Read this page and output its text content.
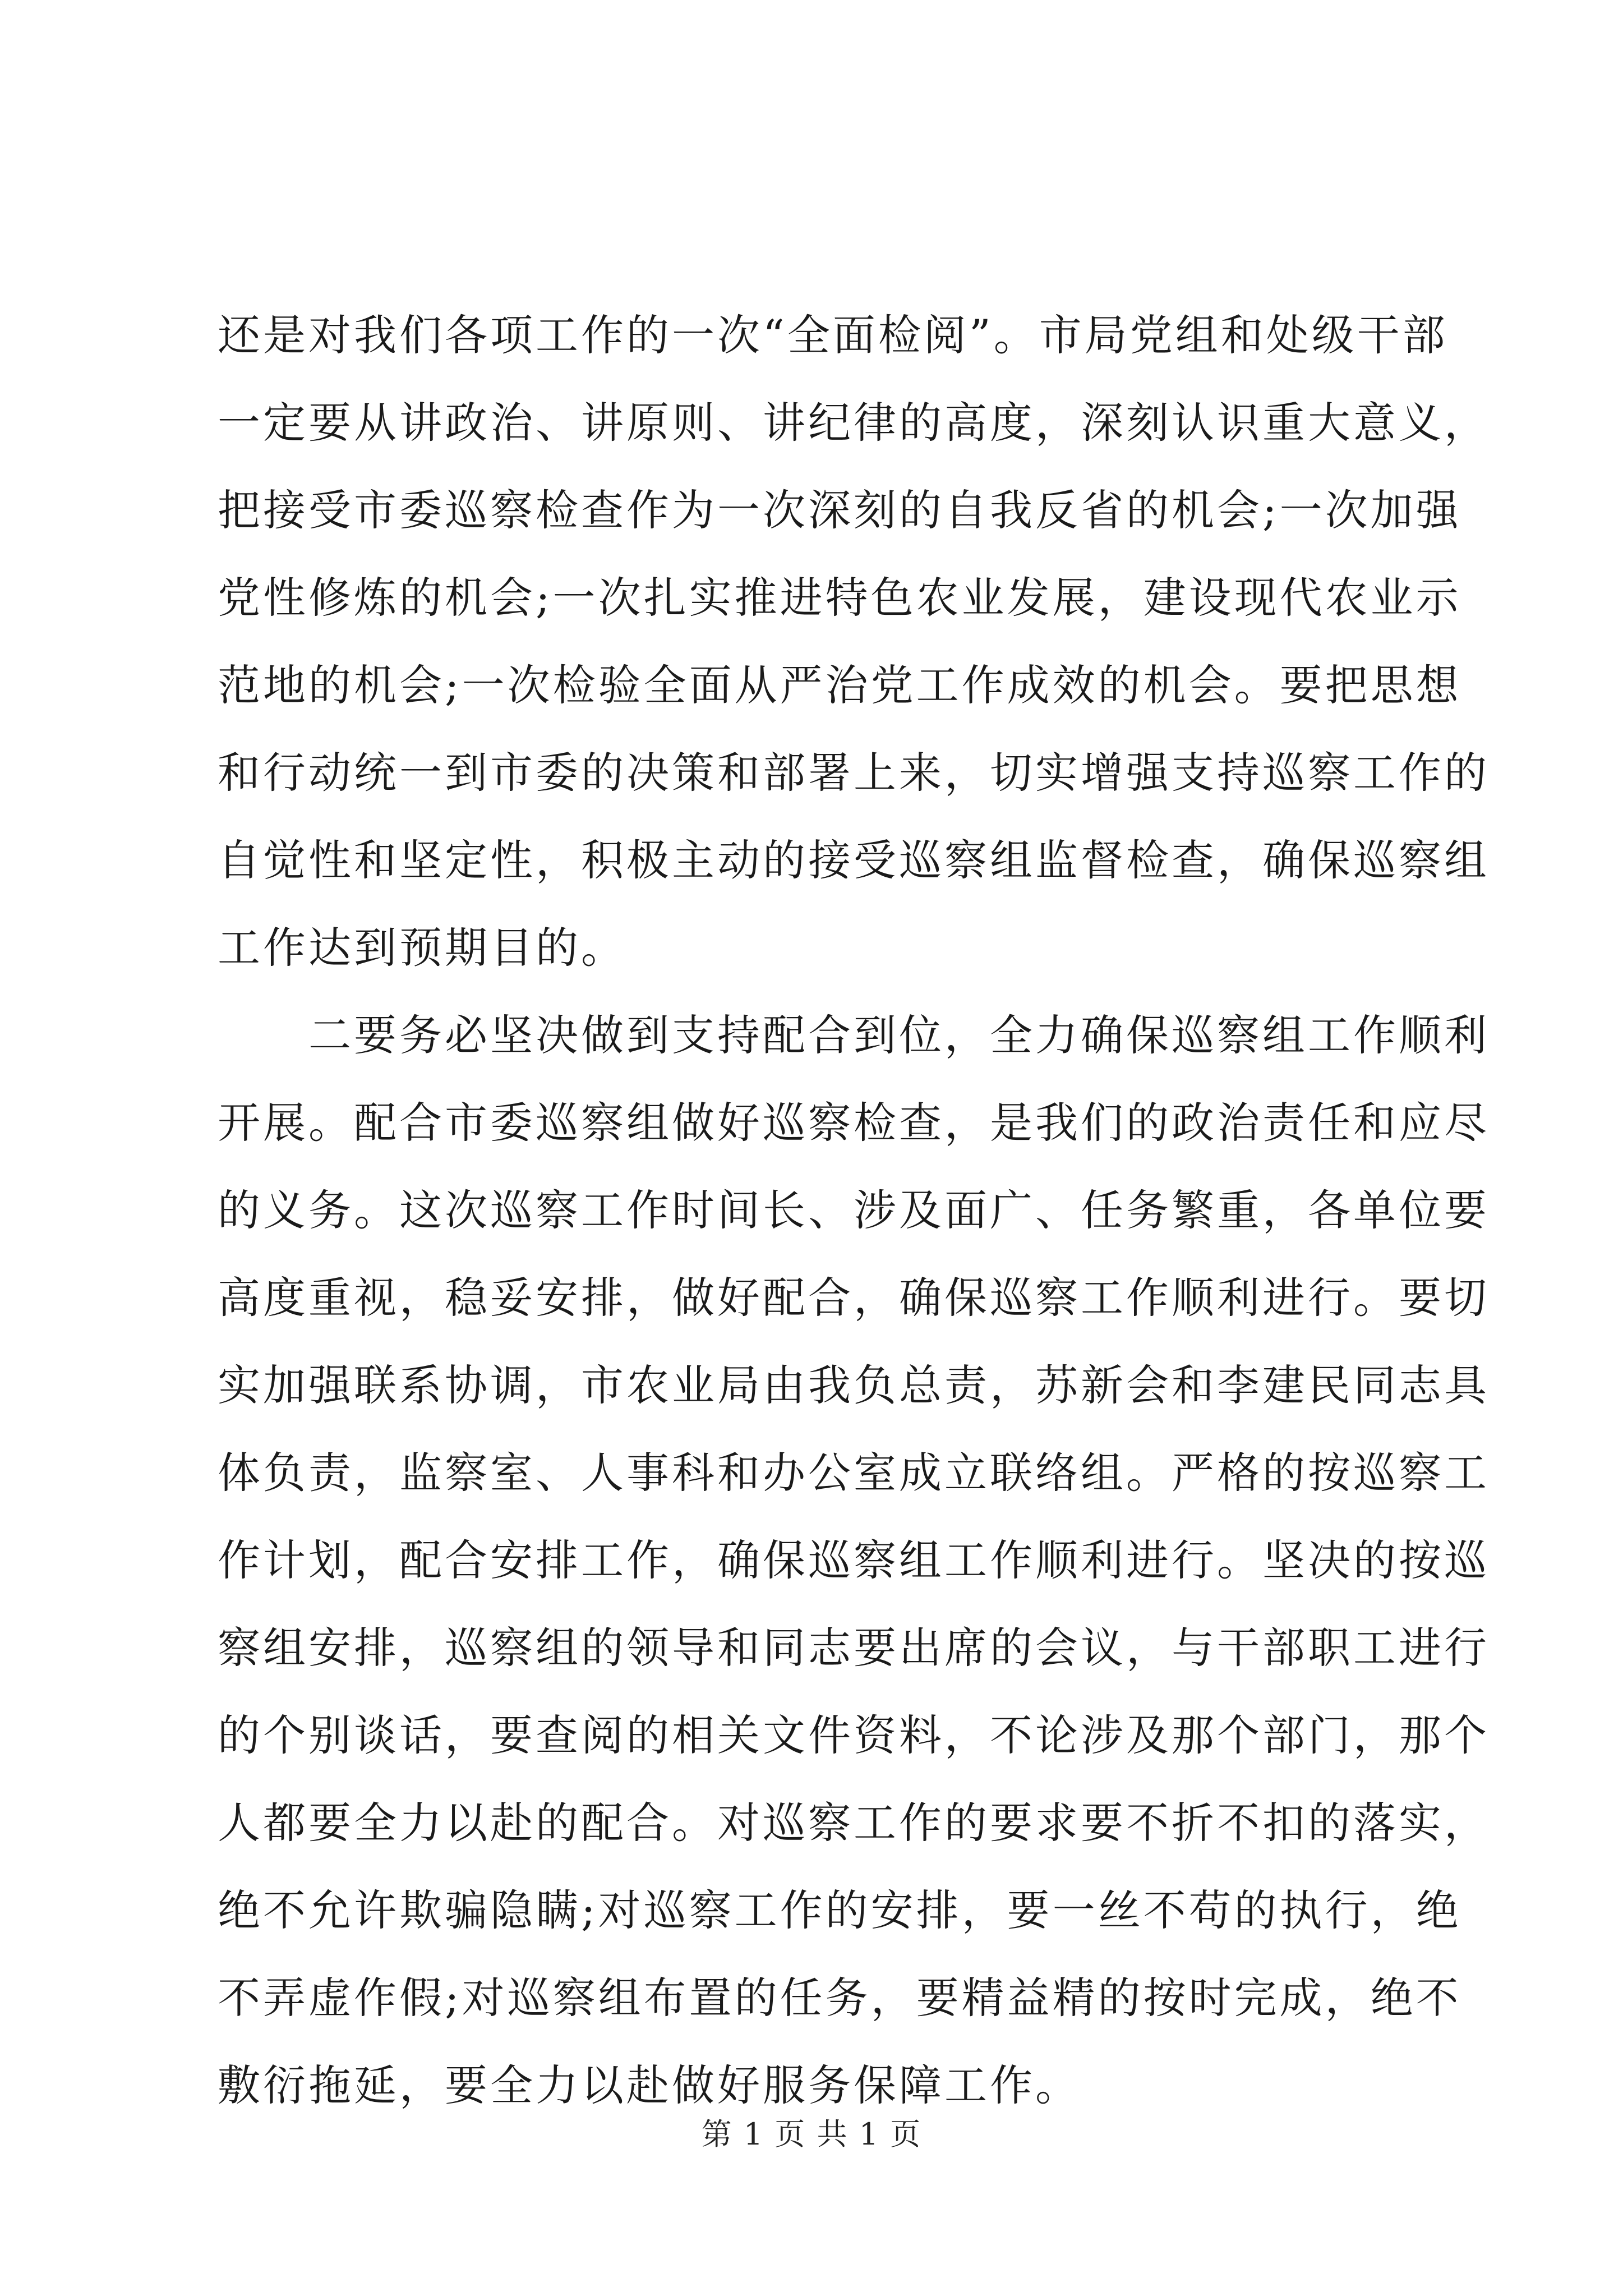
还是对我们各项工作的一次“全面检阅”。市局党组和处级干部
一定要从讲政治、讲原则、讲纪律的高度，深刻认识重大意义，
把接受市委巡察检查作为一次深刻的自我反省的机会;一次加强
党性修炼的机会;一次扎实推进特色农业发展，建设现代农业示
范地的机会;一次检验全面从严治党工作成效的机会。要把思想
和行动统一到市委的决策和部署上来，切实增强支持巡察工作的
自觉性和坚定性，积极主动的接受巡察组监督检查，确保巡察组
工作达到预期目的。
　　二要务必坚决做到支持配合到位，全力确保巡察组工作顺利
开展。配合市委巡察组做好巡察检查，是我们的政治责任和应尽
的义务。这次巡察工作时间长、涉及面广、任务繁重，各单位要
高度重视，稳妥安排，做好配合，确保巡察工作顺利进行。要切
实加强联系协调，市农业局由我负总责，苏新会和李建民同志具
体负责，监察室、人事科和办公室成立联络组。严格的按巡察工
作计划，配合安排工作，确保巡察组工作顺利进行。坚决的按巡
察组安排，巡察组的领导和同志要出席的会议，与干部职工进行
的个别谈话，要查阅的相关文件资料，不论涉及那个部门，那个
人都要全力以赴的配合。对巡察工作的要求要不折不扣的落实，
绝不允许欺骗隐瞒;对巡察工作的安排，要一丝不苟的执行，绝
不弄虚作假;对巡察组布置的任务，要精益精的按时完成，绝不
敷衍拖延，要全力以赴做好服务保障工作。
第 1 页 共 1 页
